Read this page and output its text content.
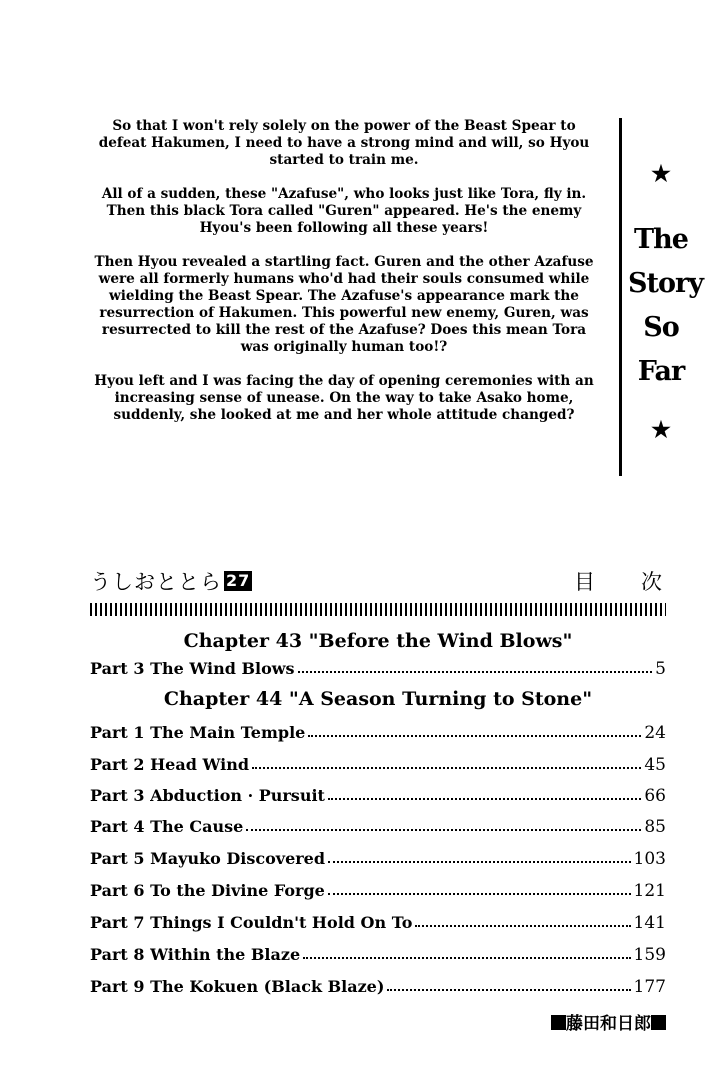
So that I won't rely solely on the power of the Beast Spear to defeat Hakumen, I need to have a strong mind and will, so Hyou started to train me.

All of a sudden, these "Azafuse", who looks just like Tora, fly in. Then this black Tora called "Guren" appeared. He's the enemy Hyou's been following all these years!

Then Hyou revealed a startling fact. Guren and the other Azafuse were all formerly humans who'd had their souls consumed while wielding the Beast Spear. The Azafuse's appearance mark the resurrection of Hakumen. This powerful new enemy, Guren, was resurrected to kill the rest of the Azafuse? Does this mean Tora was originally human too!?

Hyou left and I was facing the day of opening ceremonies with an increasing sense of unease. On the way to take Asako home, suddenly, she looked at me and her whole attitude changed?

★
The
Story
So
Far
★
うしおととら 27	目次
Chapter 43 "Before the Wind Blows"
Part 3 The Wind Blows	5
Chapter 44 "A Season Turning to Stone"
Part 1 The Main Temple	24
Part 2 Head Wind	45
Part 3 Abduction · Pursuit	66
Part 4 The Cause	85
Part 5 Mayuko Discovered	103
Part 6 To the Divine Forge	121
Part 7 Things I Couldn't Hold On To	141
Part 8 Within the Blaze	159
Part 9 The Kokuen (Black Blaze)	177
藤田和日郎
